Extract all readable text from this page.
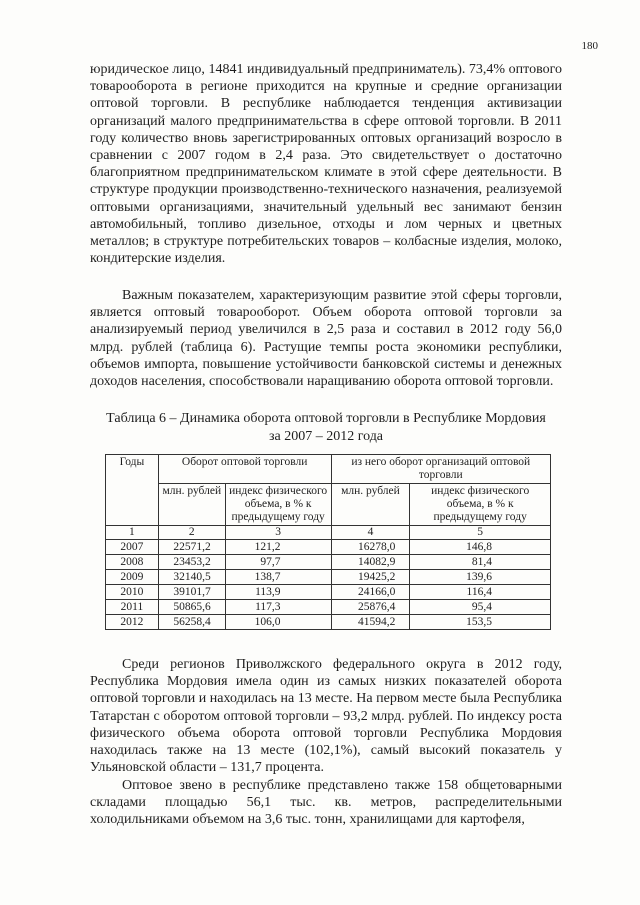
180

юридическое лицо, 14841 индивидуальный предприниматель). 73,4% оптового товарооборота в регионе приходится на крупные и средние организации оптовой торговли. В республике наблюдается тенденция активизации организаций малого предпринимательства в сфере оптовой торговли. В 2011 году количество вновь зарегистрированных оптовых организаций возросло в сравнении с 2007 годом в 2,4 раза. Это свидетельствует о достаточно благоприятном предпринимательском климате в этой сфере деятельности. В структуре продукции производственно-технического назначения, реализуемой оптовыми организациями, значительный удельный вес занимают бензин автомобильный, топливо дизельное, отходы и лом черных и цветных металлов; в структуре потребительских товаров – колбасные изделия, молоко, кондитерские изделия.

Важным показателем, характеризующим развитие этой сферы торговли, является оптовый товарооборот. Объем оборота оптовой торговли за анализируемый период увеличился в 2,5 раза и составил в 2012 году 56,0 млрд. рублей (таблица 6). Растущие темпы роста экономики республики, объемов импорта, повышение устойчивости банковской системы и денежных доходов населения, способствовали наращиванию оборота оптовой торговли.

Таблица 6 – Динамика оборота оптовой торговли в Республике Мордовия
за 2007 – 2012 года
Годы	Оборот оптовой торговли		из него оборот организаций оптовой торговли	
	млн. рублей	индекс физического объема, в % к предыдущему году	млн. рублей	индекс физического объема, в % к предыдущему году
1	2	3	4	5
2007	22571,2	121,2	16278,0	146,8
2008	23453,2	97,7	14082,9	81,4
2009	32140,5	138,7	19425,2	139,6
2010	39101,7	113,9	24166,0	116,4
2011	50865,6	117,3	25876,4	95,4
2012	56258,4	106,0	41594,2	153,5

Среди регионов Приволжского федерального округа в 2012 году, Республика Мордовия имела один из самых низких показателей оборота оптовой торговли и находилась на 13 месте. На первом месте была Республика Татарстан с оборотом оптовой торговли – 93,2 млрд. рублей. По индексу роста физического объема оборота оптовой торговли Республика Мордовия находилась также на 13 месте (102,1%), самый высокий показатель у Ульяновской области – 131,7 процента.

Оптовое звено в республике представлено также 158 общетоварными складами площадью 56,1 тыс. кв. метров, распределительными холодильниками объемом на 3,6 тыс. тонн, хранилищами для картофеля,
